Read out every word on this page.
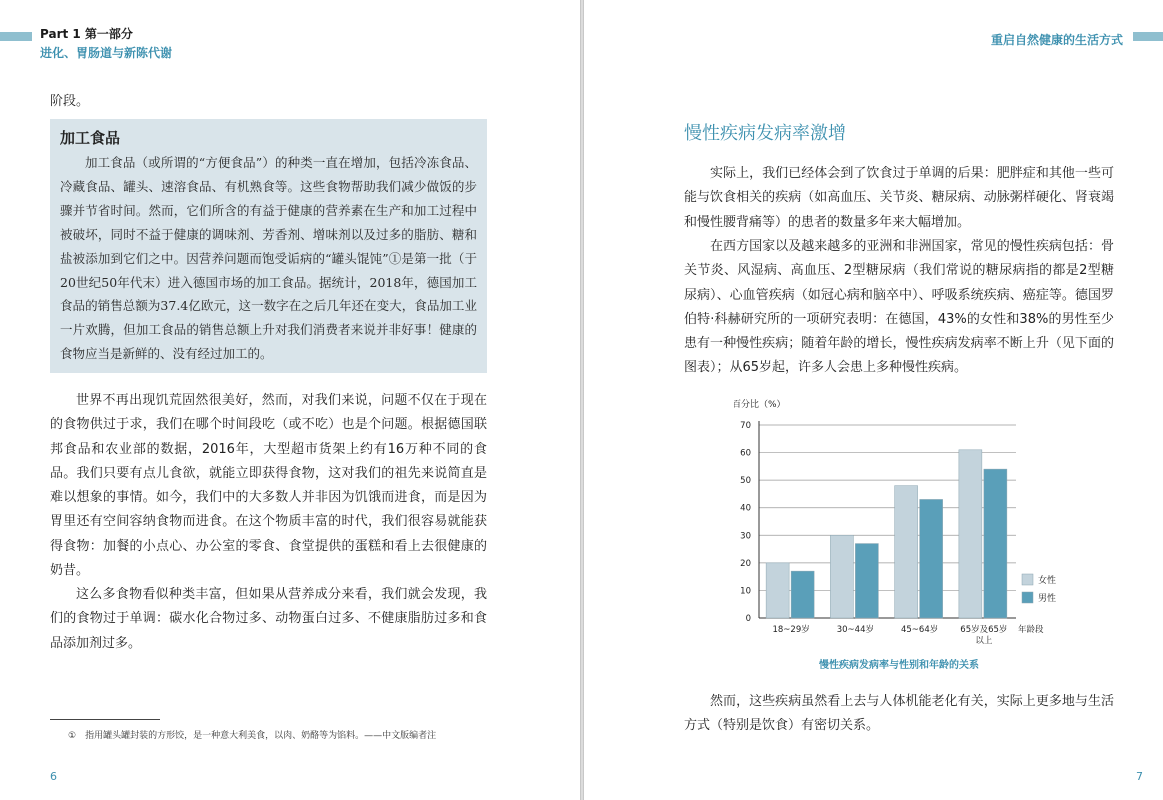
Part 1 第一部分
进化、胃肠道与新陈代谢

阶段。

加工食品

加工食品（或所谓的“方便食品”）的种类一直在增加，包括冷冻食品、冷藏食品、罐头、速溶食品、有机熟食等。这些食物帮助我们减少做饭的步骤并节省时间。然而，它们所含的有益于健康的营养素在生产和加工过程中被破坏，同时不益于健康的调味剂、芳香剂、增味剂以及过多的脂肪、糖和盐被添加到它们之中。因营养问题而饱受诟病的“罐头馄饨”①是第一批（于20世纪50年代末）进入德国市场的加工食品。据统计，2018年，德国加工食品的销售总额为37.4亿欧元，这一数字在之后几年还在变大，食品加工业一片欢腾，但加工食品的销售总额上升对我们消费者来说并非好事！健康的食物应当是新鲜的、没有经过加工的。

世界不再出现饥荒固然很美好，然而，对我们来说，问题不仅在于现在的食物供过于求，我们在哪个时间段吃（或不吃）也是个问题。根据德国联邦食品和农业部的数据，2016年，大型超市货架上约有16万种不同的食品。我们只要有点儿食欲，就能立即获得食物，这对我们的祖先来说简直是难以想象的事情。如今，我们中的大多数人并非因为饥饿而进食，而是因为胃里还有空间容纳食物而进食。在这个物质丰富的时代，我们很容易就能获得食物：加餐的小点心、办公室的零食、食堂提供的蛋糕和看上去很健康的奶昔。

这么多食物看似种类丰富，但如果从营养成分来看，我们就会发现，我们的食物过于单调：碳水化合物过多、动物蛋白过多、不健康脂肪过多和食品添加剂过多。

①　指用罐头罐封装的方形饺，是一种意大利美食，以肉、奶酪等为馅料。——中文版编者注
6
重启自然健康的生活方式
慢性疾病发病率激增

实际上，我们已经体会到了饮食过于单调的后果：肥胖症和其他一些可能与饮食相关的疾病（如高血压、关节炎、糖尿病、动脉粥样硬化、肾衰竭和慢性腰背痛等）的患者的数量多年来大幅增加。

在西方国家以及越来越多的亚洲和非洲国家，常见的慢性疾病包括：骨关节炎、风湿病、高血压、2型糖尿病（我们常说的糖尿病指的都是2型糖尿病）、心血管疾病（如冠心病和脑卒中）、呼吸系统疾病、癌症等。德国罗伯特·科赫研究所的一项研究表明：在德国，43%的女性和38%的男性至少患有一种慢性疾病；随着年龄的增长，慢性疾病发病率不断上升（见下面的图表）；从65岁起，许多人会患上多种慢性疾病。

百分比（%）
0
10
20
30
40
50
60
70
18~29岁	30~44岁	45~64岁	65岁及65岁
以上
年龄段
女性
男性
慢性疾病发病率与性别和年龄的关系

然而，这些疾病虽然看上去与人体机能老化有关，实际上更多地与生活方式（特别是饮食）有密切关系。

7
